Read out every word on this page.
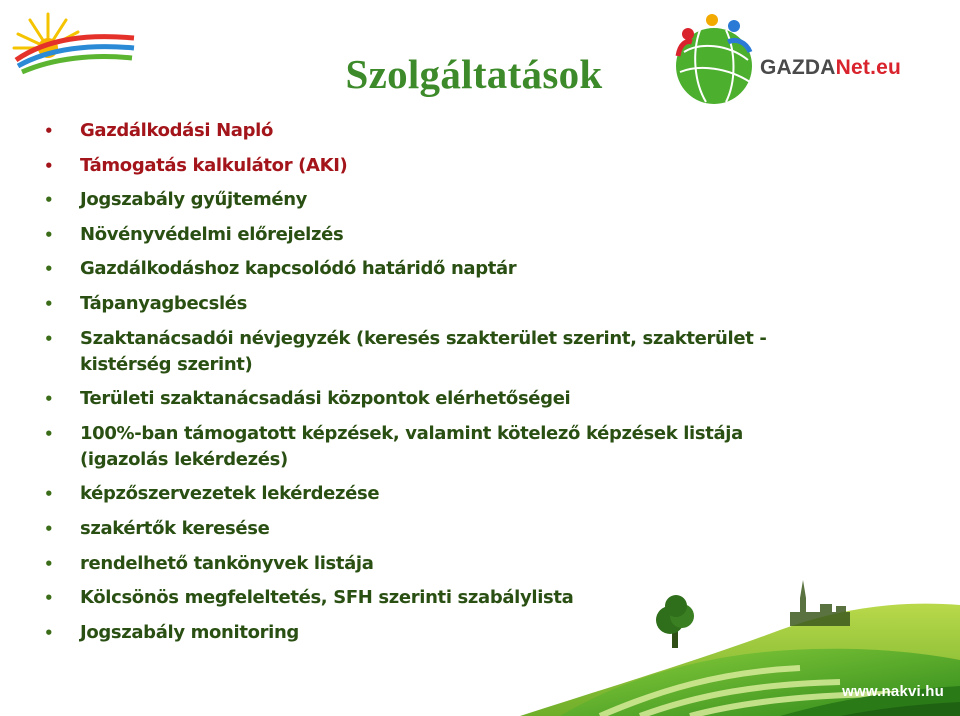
Szolgáltatások	GAZDANet.eu
• Gazdálkodási Napló
• Támogatás kalkulátor (AKI)
• Jogszabály gyűjtemény
• Növényvédelmi előrejelzés
• Gazdálkodáshoz kapcsolódó határidő naptár
• Tápanyagbecslés
• Szaktanácsadói névjegyzék (keresés szakterület szerint, szakterület - kistérség szerint)
• Területi szaktanácsadási központok elérhetőségei
• 100%-ban támogatott képzések, valamint kötelező képzések listája (igazolás lekérdezés)
• képzőszervezetek lekérdezése
• szakértők keresése
• rendelhető tankönyvek listája
• Kölcsönös megfeleltetés, SFH szerinti szabálylista
• Jogszabály monitoring
www.nakvi.hu
